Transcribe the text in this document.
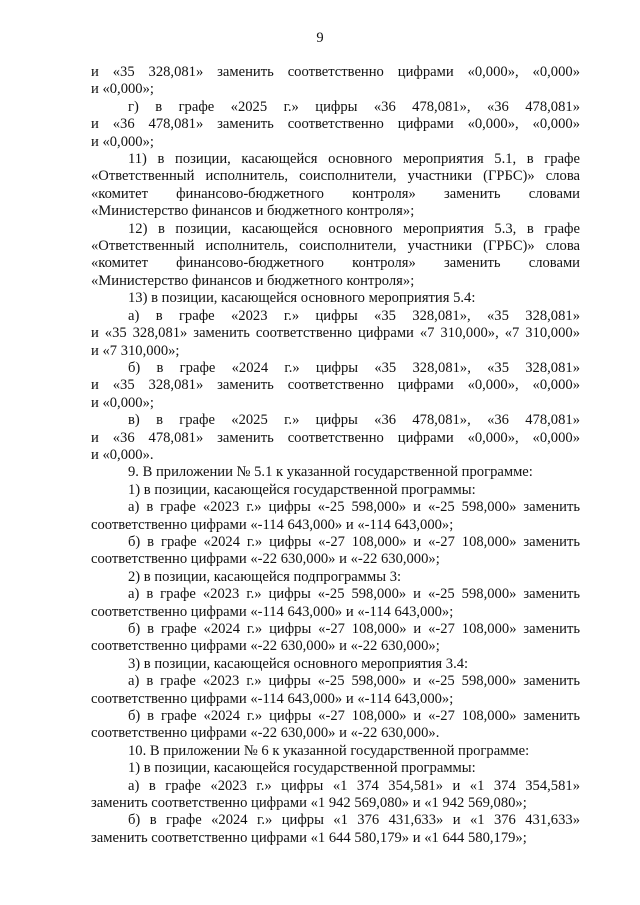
9

и «35 328,081» заменить соответственно цифрами «0,000», «0,000»

и «0,000»;

г) в графе «2025 г.» цифры «36 478,081», «36 478,081»

и «36 478,081» заменить соответственно цифрами «0,000», «0,000»

и «0,000»;

11) в позиции, касающейся основного мероприятия 5.1, в графе

«Ответственный исполнитель, соисполнители, участники (ГРБС)» слова

«комитет финансово-бюджетного контроля» заменить словами

«Министерство финансов и бюджетного контроля»;

12) в позиции, касающейся основного мероприятия 5.3, в графе

«Ответственный исполнитель, соисполнители, участники (ГРБС)» слова

«комитет финансово-бюджетного контроля» заменить словами

«Министерство финансов и бюджетного контроля»;

13) в позиции, касающейся основного мероприятия 5.4:

а) в графе «2023 г.» цифры «35 328,081», «35 328,081»

и «35 328,081» заменить соответственно цифрами «7 310,000», «7 310,000»

и «7 310,000»;

б) в графе «2024 г.» цифры «35 328,081», «35 328,081»

и «35 328,081» заменить соответственно цифрами «0,000», «0,000»

и «0,000»;

в) в графе «2025 г.» цифры «36 478,081», «36 478,081»

и «36 478,081» заменить соответственно цифрами «0,000», «0,000»

и «0,000».

9. В приложении № 5.1 к указанной государственной программе:

1) в позиции, касающейся государственной программы:

а) в графе «2023 г.» цифры «-25 598,000» и «-25 598,000» заменить

соответственно цифрами «-114 643,000» и «-114 643,000»;

б) в графе «2024 г.» цифры «-27 108,000» и «-27 108,000» заменить

соответственно цифрами «-22 630,000» и «-22 630,000»;

2) в позиции, касающейся подпрограммы 3:

а) в графе «2023 г.» цифры «-25 598,000» и «-25 598,000» заменить

соответственно цифрами «-114 643,000» и «-114 643,000»;

б) в графе «2024 г.» цифры «-27 108,000» и «-27 108,000» заменить

соответственно цифрами «-22 630,000» и «-22 630,000»;

3) в позиции, касающейся основного мероприятия 3.4:

а) в графе «2023 г.» цифры «-25 598,000» и «-25 598,000» заменить

соответственно цифрами «-114 643,000» и «-114 643,000»;

б) в графе «2024 г.» цифры «-27 108,000» и «-27 108,000» заменить

соответственно цифрами «-22 630,000» и «-22 630,000».

10. В приложении № 6 к указанной государственной программе:

1) в позиции, касающейся государственной программы:

а) в графе «2023 г.» цифры «1 374 354,581» и «1 374 354,581»

заменить соответственно цифрами «1 942 569,080» и «1 942 569,080»;

б) в графе «2024 г.» цифры «1 376 431,633» и «1 376 431,633»

заменить соответственно цифрами «1 644 580,179» и «1 644 580,179»;
